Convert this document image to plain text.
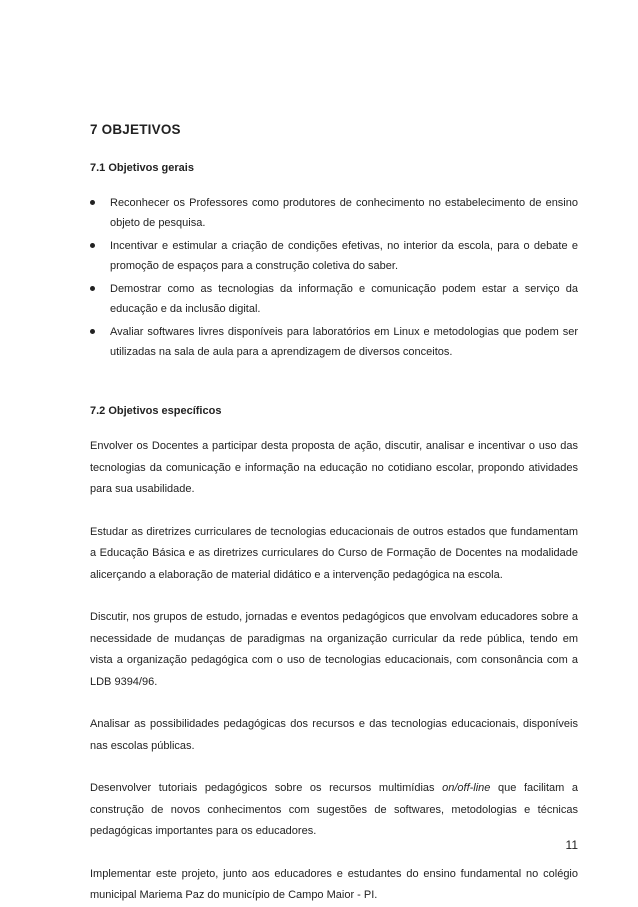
7 OBJETIVOS
7.1 Objetivos gerais
Reconhecer os Professores como produtores de conhecimento no estabelecimento de ensino objeto de pesquisa.
Incentivar e estimular a criação de condições efetivas, no interior da escola, para o debate e promoção de espaços para a construção coletiva do saber.
Demostrar como as tecnologias da informação e comunicação podem estar a serviço da educação e da inclusão digital.
Avaliar softwares livres disponíveis para laboratórios em Linux e metodologias que podem ser utilizadas na sala de aula para a aprendizagem de diversos conceitos.
7.2 Objetivos específicos

Envolver os Docentes a participar desta proposta de ação, discutir, analisar e incentivar o uso das tecnologias da comunicação e informação na educação no cotidiano escolar, propondo atividades para sua usabilidade.

Estudar as diretrizes curriculares de tecnologias educacionais de outros estados que fundamentam a Educação Básica e as diretrizes curriculares do Curso de Formação de Docentes na modalidade alicerçando a elaboração de material didático e a intervenção pedagógica na escola.

Discutir, nos grupos de estudo, jornadas e eventos pedagógicos que envolvam educadores sobre a necessidade de mudanças de paradigmas na organização curricular da rede pública, tendo em vista a organização pedagógica com o uso de tecnologias educacionais, com consonância com a LDB 9394/96.

Analisar as possibilidades pedagógicas dos recursos e das tecnologias educacionais, disponíveis nas escolas públicas.

Desenvolver tutoriais pedagógicos sobre os recursos multimídias on/off-line que facilitam a construção de novos conhecimentos com sugestões de softwares, metodologias e técnicas pedagógicas importantes para os educadores.

Implementar este projeto, junto aos educadores e estudantes do ensino fundamental no colégio municipal Mariema Paz do município de Campo Maior - PI.

11
